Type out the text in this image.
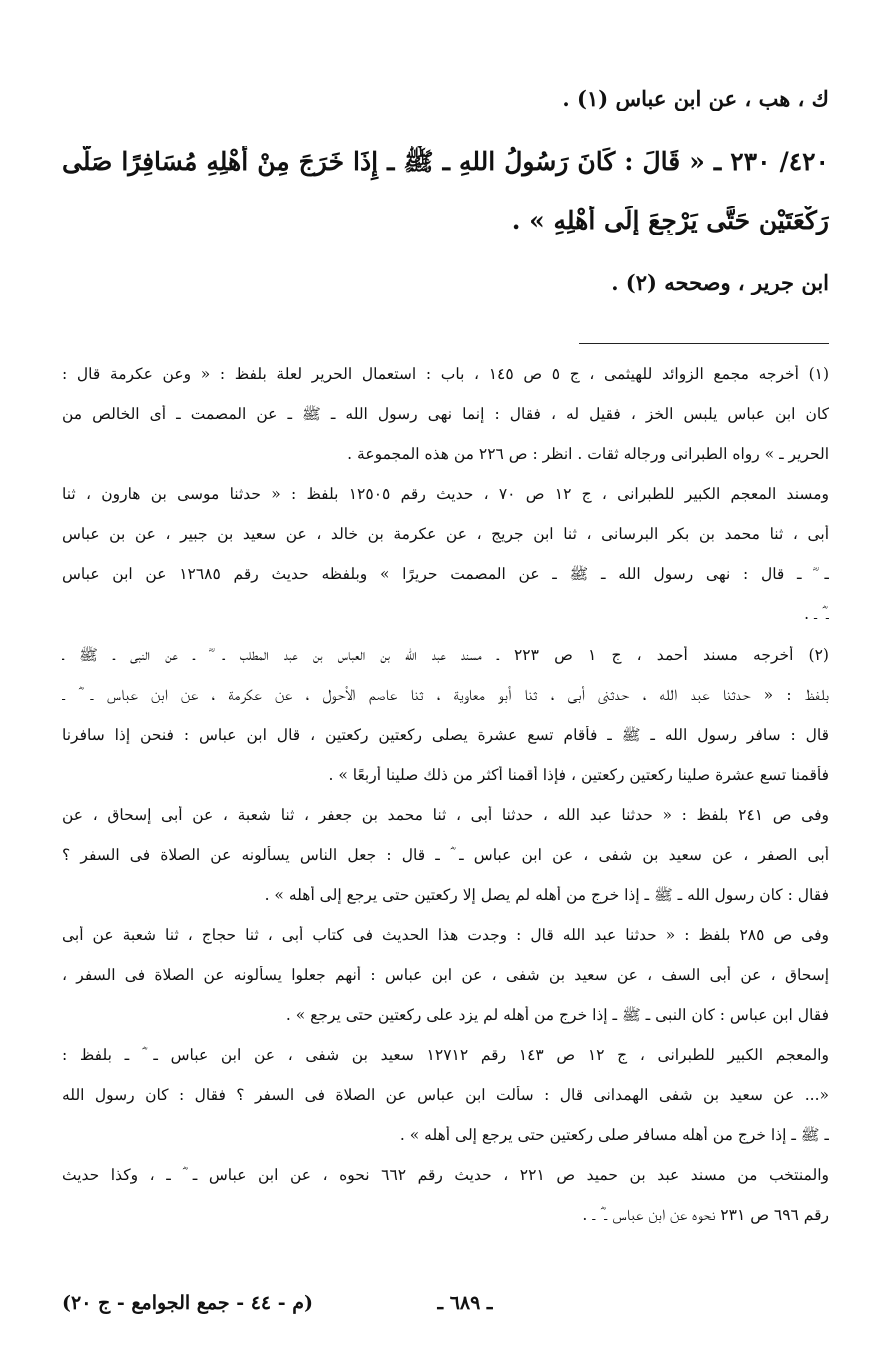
ك ، هب ، عن ابن عباس (١) .
٤٢٠/ ٢٣٠ ـ « قَالَ : كَانَ رَسُولُ اللهِ ـ ﷺ ـ إِذَا خَرَجَ مِنْ أَهْلِهِ مُسَافِرًا صَلَّى
رَكْعَتَيْنِ حَتَّى يَرْجِعَ إِلَى أَهْلِهِ » .
ابن جرير ، وصححه (٢) .
(١) أخرجه مجمع الزوائد للهيثمى ، ج ٥ ص ١٤٥ ، باب : استعمال الحرير لعلة بلفظ : « وعن عكرمة قال :
كان ابن عباس يلبس الخز ، فقيل له ، فقال : إنما نهى رسول الله ـ ﷺ ـ عن المصمت ـ أى الخالص من
الحرير ـ » رواه الطبرانى ورجاله ثقات . انظر : ص ٢٢٦ من هذه المجموعة .
ومسند المعجم الكبير للطبرانى ، ج ١٢ ص ٧٠ ، حديث رقم ١٢٥٠٥ بلفظ : « حدثنا موسى بن هارون ، ثنا
أبى ، ثنا محمد بن بكر البرسانى ، ثنا ابن جريج ، عن عكرمة بن خالد ، عن سعيد بن جبير ، عن بن عباس
ـ ؓ ـ قال : نهى رسول الله ـ ﷺ ـ عن المصمت حريرًا » وبلفظه حديث رقم ١٢٦٨٥ عن ابن عباس
ـ ؓ ـ .
(٢) أخرجه مسند أحمد ، ج ١ ص ٢٢٣ ـ مسند عبد الله بن العباس بن عبد المطلب ـ ؓ ـ عن النبى ـ ﷺ ـ
بلفظ : « حدثنا عبد الله ، حدثنى أبى ، ثنا أبو معاوية ، ثنا عاصم الأحول ، عن عكرمة ، عن ابن عباس ـ ؓ ـ
قال : سافر رسول الله ـ ﷺ ـ فأقام تسع عشرة يصلى ركعتين ركعتين ، قال ابن عباس : فنحن إذا سافرنا
فأقمنا تسع عشرة صلينا ركعتين ركعتين ، فإذا أقمنا أكثر من ذلك صلينا أربعًا » .
وفى ص ٢٤١ بلفظ : « حدثنا عبد الله ، حدثنا أبى ، ثنا محمد بن جعفر ، ثنا شعبة ، عن أبى إسحاق ، عن
أبى الصفر ، عن سعيد بن شفى ، عن ابن عباس ـ ؓ ـ قال : جعل الناس يسألونه عن الصلاة فى السفر ؟
فقال : كان رسول الله ـ ﷺ ـ إذا خرج من أهله لم يصل إلا ركعتين حتى يرجع إلى أهله » .
وفى ص ٢٨٥ بلفظ : « حدثنا عبد الله قال : وجدت هذا الحديث فى كتاب أبى ، ثنا حجاج ، ثنا شعبة عن أبى
إسحاق ، عن أبى السف ، عن سعيد بن شفى ، عن ابن عباس : أنهم جعلوا يسألونه عن الصلاة فى السفر ،
فقال ابن عباس : كان النبى ـ ﷺ ـ إذا خرج من أهله لم يزد على ركعتين حتى يرجع » .
والمعجم الكبير للطبرانى ، ج ١٢ ص ١٤٣ رقم ١٢٧١٢ سعيد بن شفى ، عن ابن عباس ـ ؓ ـ بلفظ :
«... عن سعيد بن شفى الهمدانى قال : سألت ابن عباس عن الصلاة فى السفر ؟ فقال : كان رسول الله
ـ ﷺ ـ إذا خرج من أهله مسافر صلى ركعتين حتى يرجع إلى أهله » .
والمنتخب من مسند عبد بن حميد ص ٢٢١ ، حديث رقم ٦٦٢ نحوه ، عن ابن عباس ـ ؓ ـ ، وكذا حديث
رقم ٦٩٦ ص ٢٣١ نحوه عن ابن عباس ـ ؓ ـ .
ـ ٦٨٩ ـ
(م - ٤٤ - جمع الجوامع - ج ٢٠)
